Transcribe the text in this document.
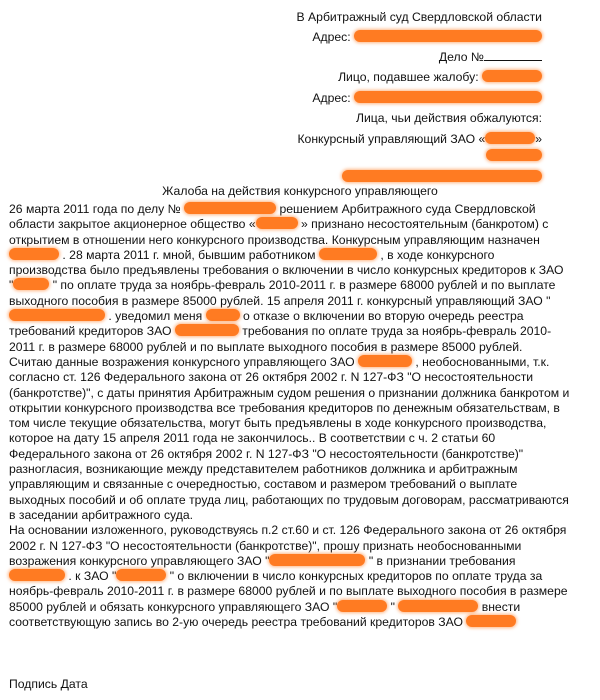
В Арбитражный суд Свердловской области
Адрес:
Дело №
Лицо, подавшее жалобу:
Адрес:
Лица, чьи действия обжалуются:
Конкурсный управляющий ЗАО «	»
Жалоба на действия конкурсного управляющего

26 марта 2011 года по делу №	решением Арбитражного суда Свердловской области закрытое акционерное общество «	» признано несостоятельным (банкротом) с открытием в отношении него конкурсного производства. Конкурсным управляющим назначен  . 28 марта 2011 г. мной, бывшим работником	, в ходе конкурсного производства было предъявлены требования о включении в число конкурсных кредиторов к ЗАО "	" по оплате труда за ноябрь-февраль 2010-2011 г. в размере 68000 рублей и по выплате выходного пособия в размере 85000 рублей. 15 апреля 2011 г. конкурсный управляющий ЗАО " . уведомил меня	о отказе о включении во вторую очередь реестра требований кредиторов ЗАО	требования по оплате труда за ноябрь-февраль 2010-2011 г. в размере 68000 рублей и по выплате выходного пособия в размере 85000 рублей.

Считаю данные возражения конкурсного управляющего ЗАО	, необоснованными, т.к. согласно ст. 126 Федерального закона от 26 октября 2002 г. N 127-ФЗ "О несостоятельности (банкротстве)", с даты принятия Арбитражным судом решения о признании должника банкротом и открытии конкурсного производства все требования кредиторов по денежным обязательствам, в том числе текущие обязательства, могут быть предъявлены в ходе конкурсного производства, которое на дату 15 апреля 2011 года не закончилось.. В соответствии с ч. 2 статьи 60 Федерального закона от 26 октября 2002 г. N 127-ФЗ "О несостоятельности (банкротстве)" разногласия, возникающие между представителем работников должника и арбитражным управляющим и связанные с очередностью, составом и размером требований о выплате выходных пособий и об оплате труда лиц, работающих по трудовым договорам, рассматриваются в заседании арбитражного суда.

На основании изложенного, руководствуясь п.2 ст.60 и ст. 126 Федерального закона от 26 октября 2002 г. N 127-ФЗ "О несостоятельности (банкротстве)", прошу признать необоснованными возражения конкурсного управляющего ЗАО "	" в признании требования  . к ЗАО "	" о включении в число конкурсных кредиторов по оплате труда за ноябрь-февраль 2010-2011 г. в размере 68000 рублей и по выплате выходного пособия в размере 85000 рублей и обязать конкурсного управляющего ЗАО "	"	внести соответствующую запись во 2-ую очередь реестра требований кредиторов ЗАО

Подпись Дата
